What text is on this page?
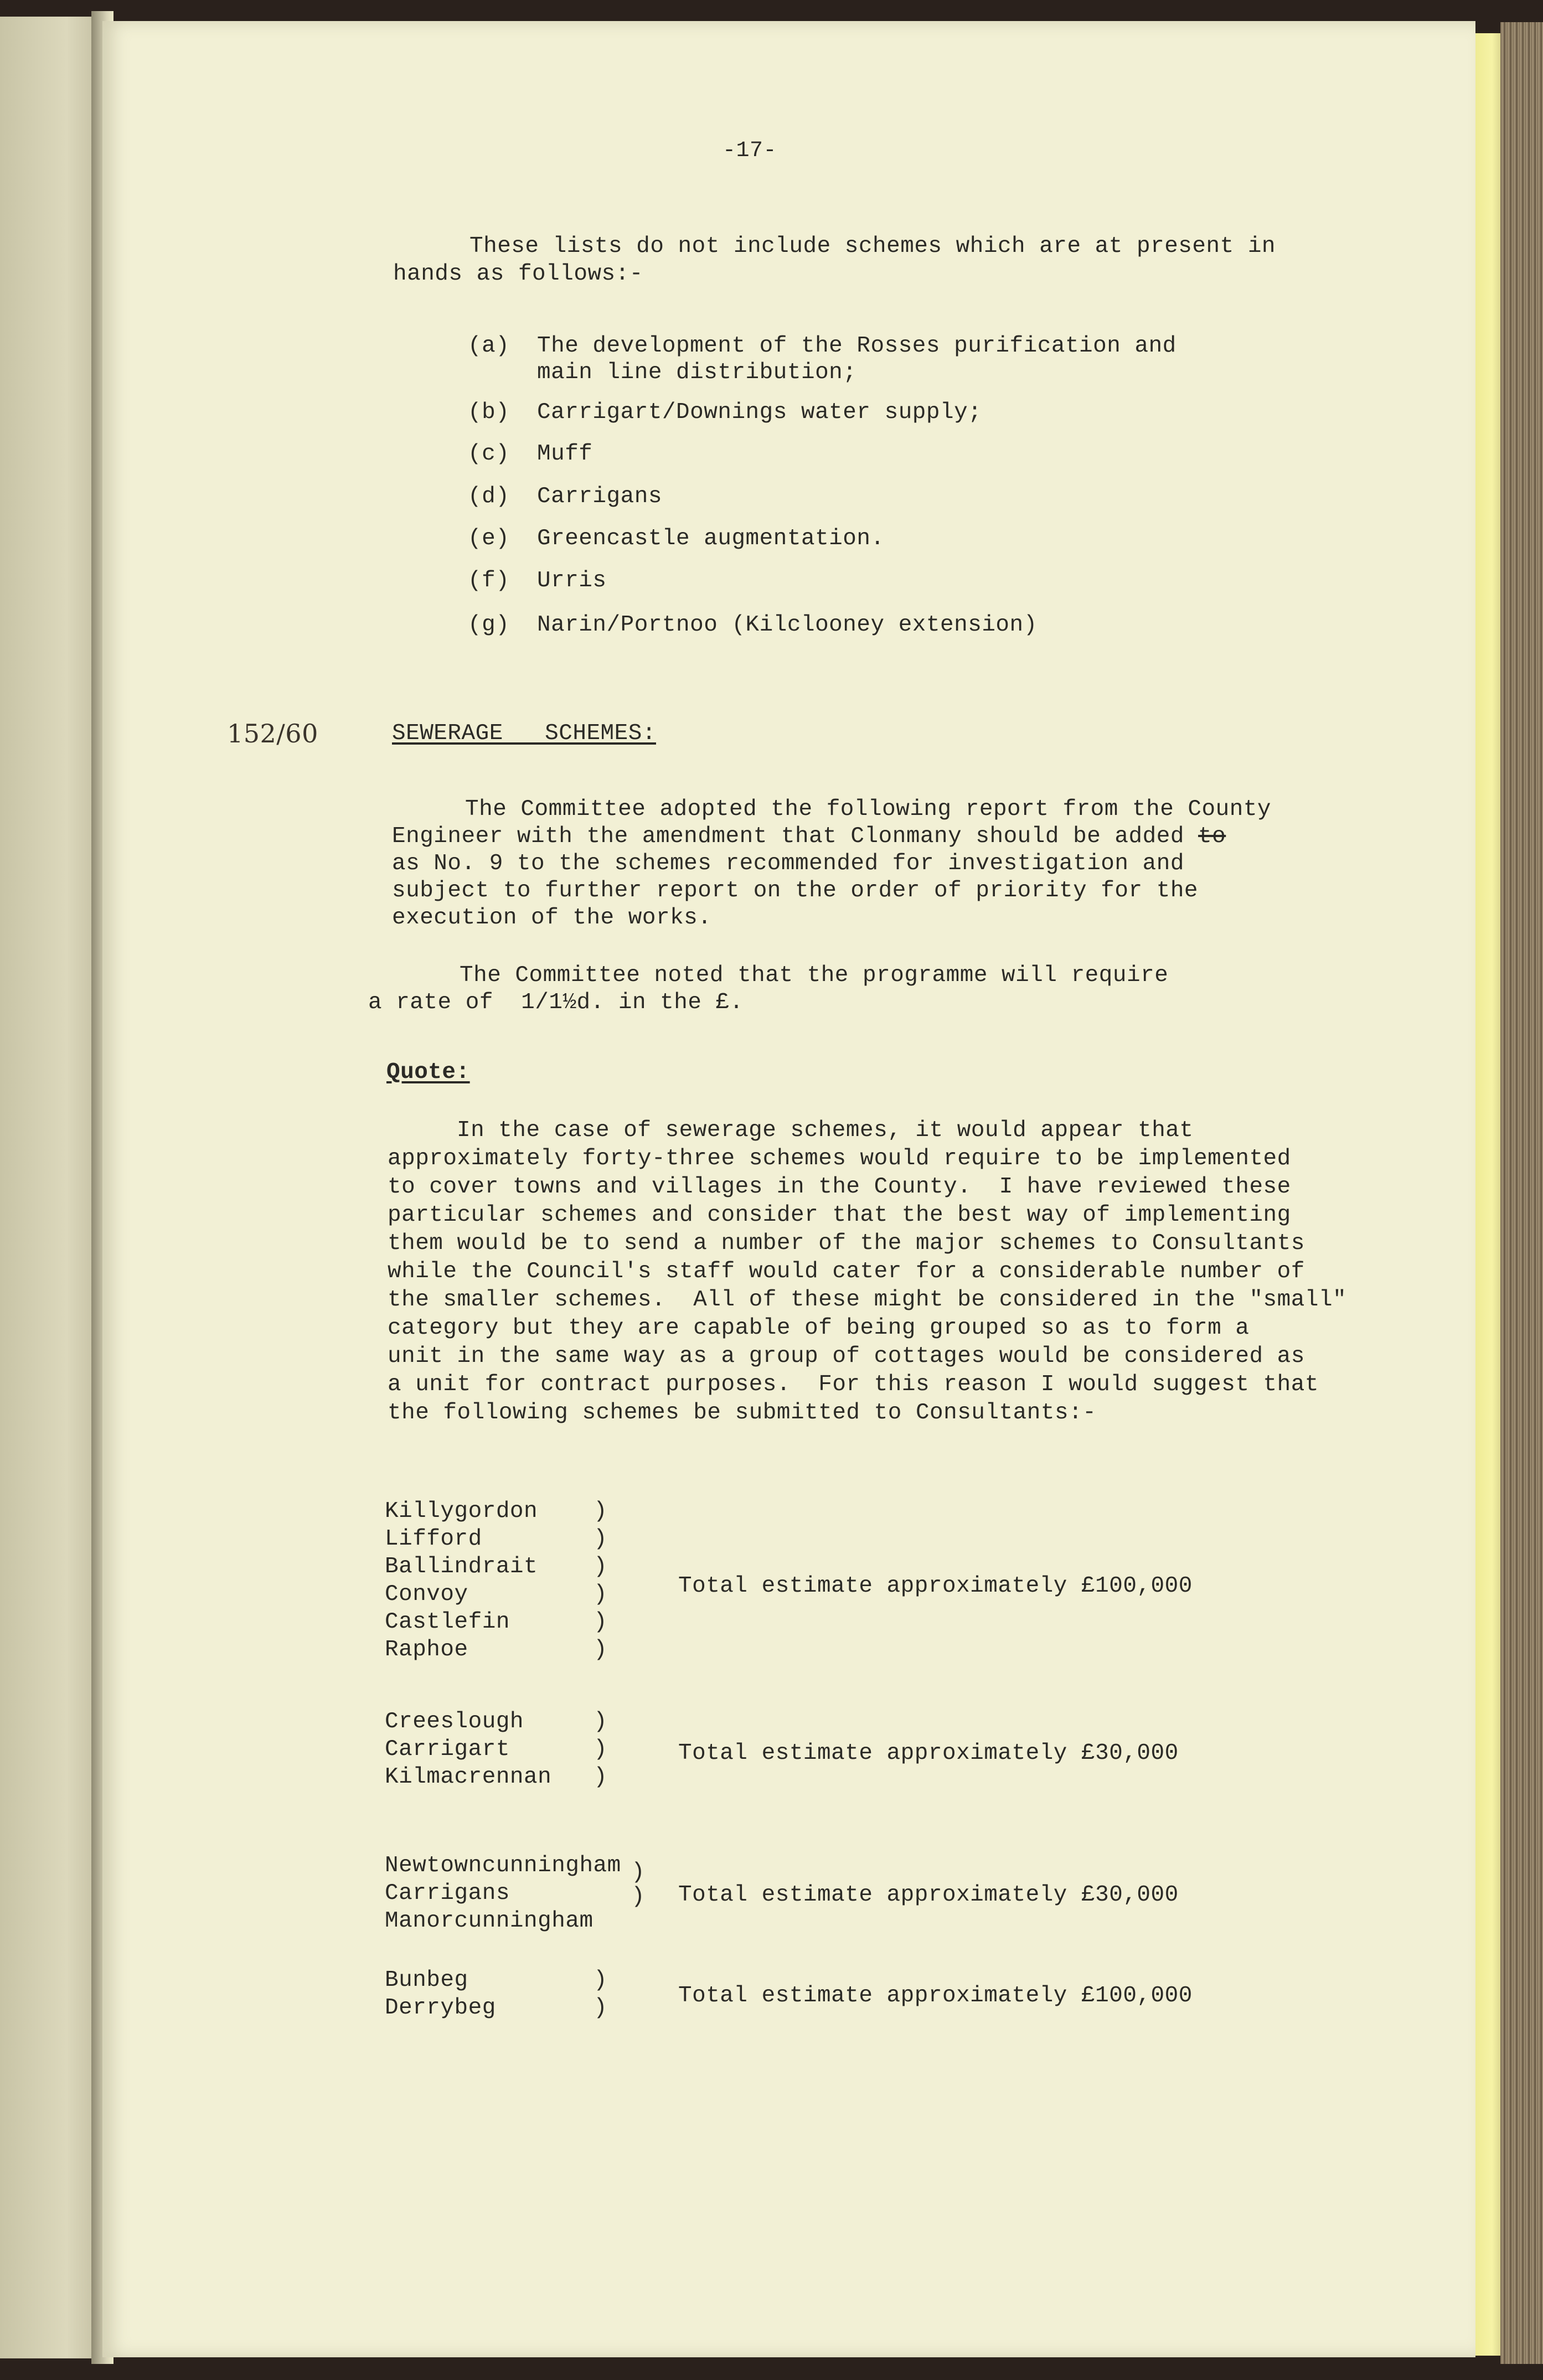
-17-
These lists do not include schemes which are at present in
hands as follows:-
(a) The development of the Rosses purification and
main line distribution;
(b) Carrigart/Downings water supply;
(c) Muff
(d) Carrigans
(e) Greencastle augmentation.
(f) Urris
(g) Narin/Portnoo (Kilclooney extension)
152/60	SEWERAGE   SCHEMES:
The Committee adopted the following report from the County
Engineer with the amendment that Clonmany should be added to
as No. 9 to the schemes recommended for investigation and
subject to further report on the order of priority for the
execution of the works.
The Committee noted that the programme will require
a rate of  1/1½d. in the £.
Quote:
In the case of sewerage schemes, it would appear that
approximately forty-three schemes would require to be implemented
to cover towns and villages in the County.  I have reviewed these
particular schemes and consider that the best way of implementing
them would be to send a number of the major schemes to Consultants
while the Council's staff would cater for a considerable number of
the smaller schemes.  All of these might be considered in the "small"
category but they are capable of being grouped so as to form a
unit in the same way as a group of cottages would be considered as
a unit for contract purposes.  For this reason I would suggest that
the following schemes be submitted to Consultants:-
Killygordon
Lifford
Ballindrait
Convoy
Castlefin
Raphoe
)
)
)
)
)
)
Total estimate approximately £100,000
Creeslough
Carrigart
Kilmacrennan
)
)
)
Total estimate approximately £30,000
Newtowncunningham
Carrigans
Manorcunningham
)
) Total estimate approximately £30,000
Bunbeg
Derrybeg
)
)	Total estimate approximately £100,000
